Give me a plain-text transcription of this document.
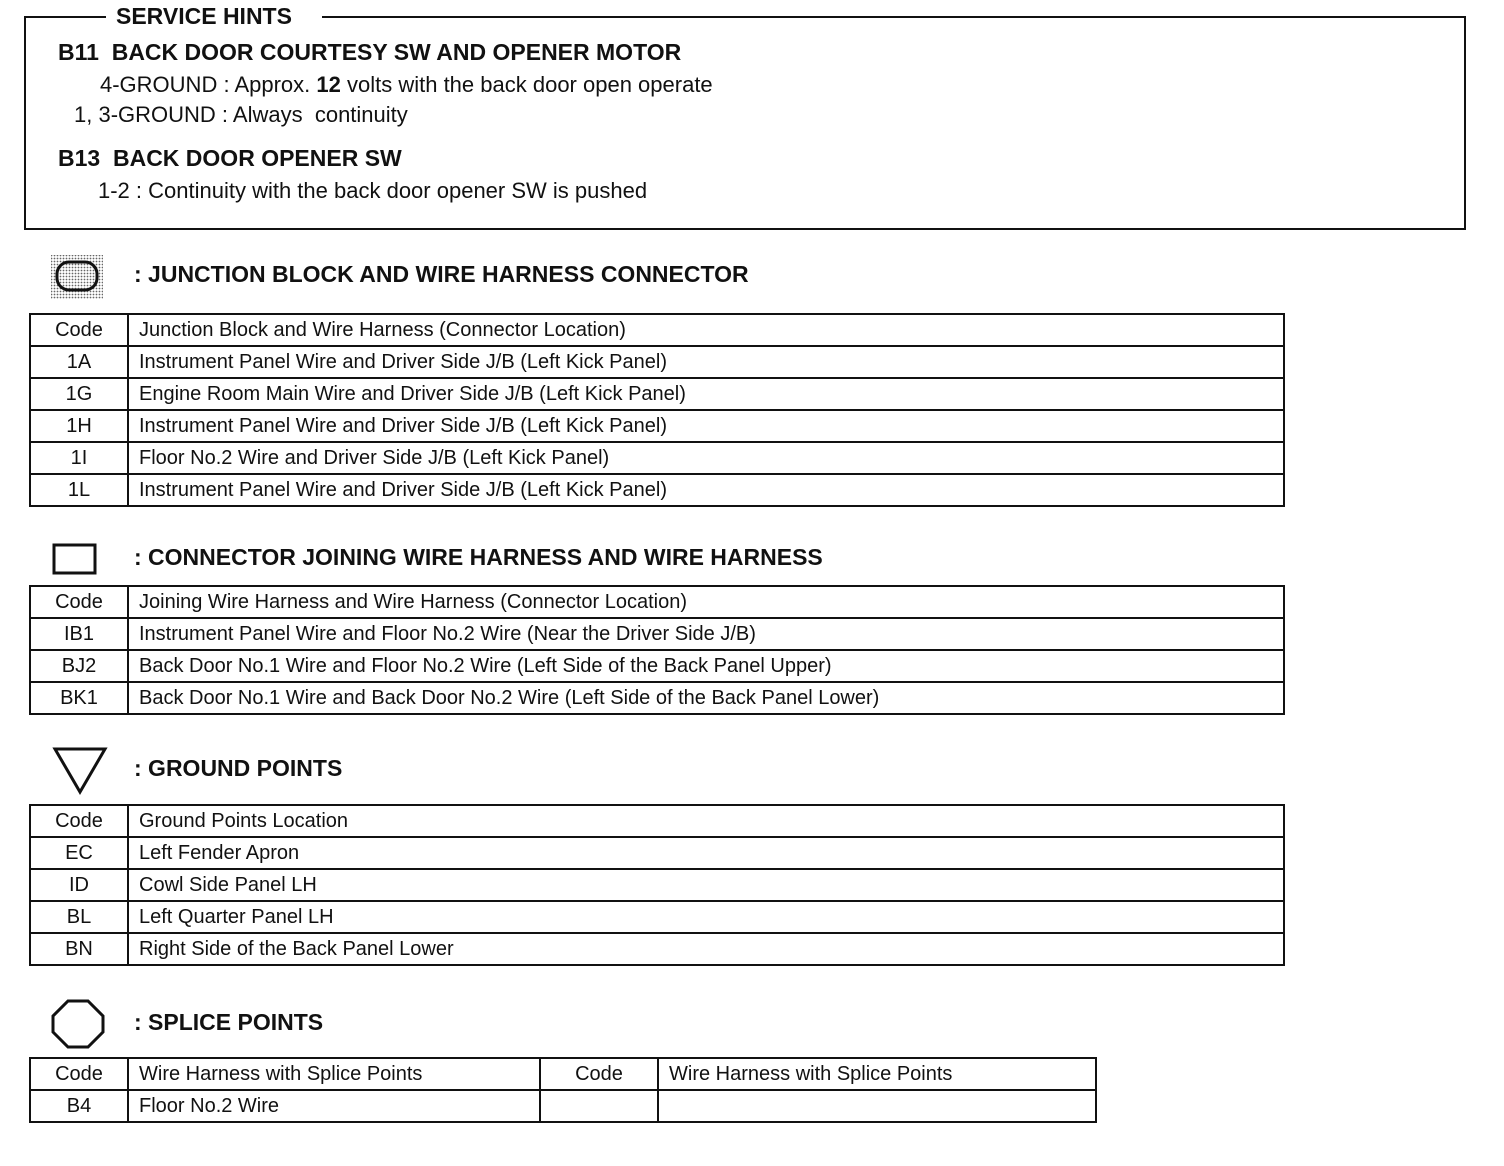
SERVICE HINTS
B11  BACK DOOR COURTESY SW AND OPENER MOTOR
4-GROUND : Approx. 12 volts with the back door open operate
1, 3-GROUND : Always  continuity
B13  BACK DOOR OPENER SW
1-2 : Continuity with the back door opener SW is pushed
: JUNCTION BLOCK AND WIRE HARNESS CONNECTOR
Code	Junction Block and Wire Harness (Connector Location)
1A	Instrument Panel Wire and Driver Side J/B (Left Kick Panel)
1G	Engine Room Main Wire and Driver Side J/B (Left Kick Panel)
1H	Instrument Panel Wire and Driver Side J/B (Left Kick Panel)
1I	Floor No.2 Wire and Driver Side J/B (Left Kick Panel)
1L	Instrument Panel Wire and Driver Side J/B (Left Kick Panel)
: CONNECTOR JOINING WIRE HARNESS AND WIRE HARNESS
Code	Joining Wire Harness and Wire Harness (Connector Location)
IB1	Instrument Panel Wire and Floor No.2 Wire (Near the Driver Side J/B)
BJ2	Back Door No.1 Wire and Floor No.2 Wire (Left Side of the Back Panel Upper)
BK1	Back Door No.1 Wire and Back Door No.2 Wire (Left Side of the Back Panel Lower)
: GROUND POINTS
Code	Ground Points Location
EC	Left Fender Apron
ID	Cowl Side Panel LH
BL	Left Quarter Panel LH
BN	Right Side of the Back Panel Lower
: SPLICE POINTS
Code	Wire Harness with Splice Points	Code	Wire Harness with Splice Points
B4	Floor No.2 Wire		
